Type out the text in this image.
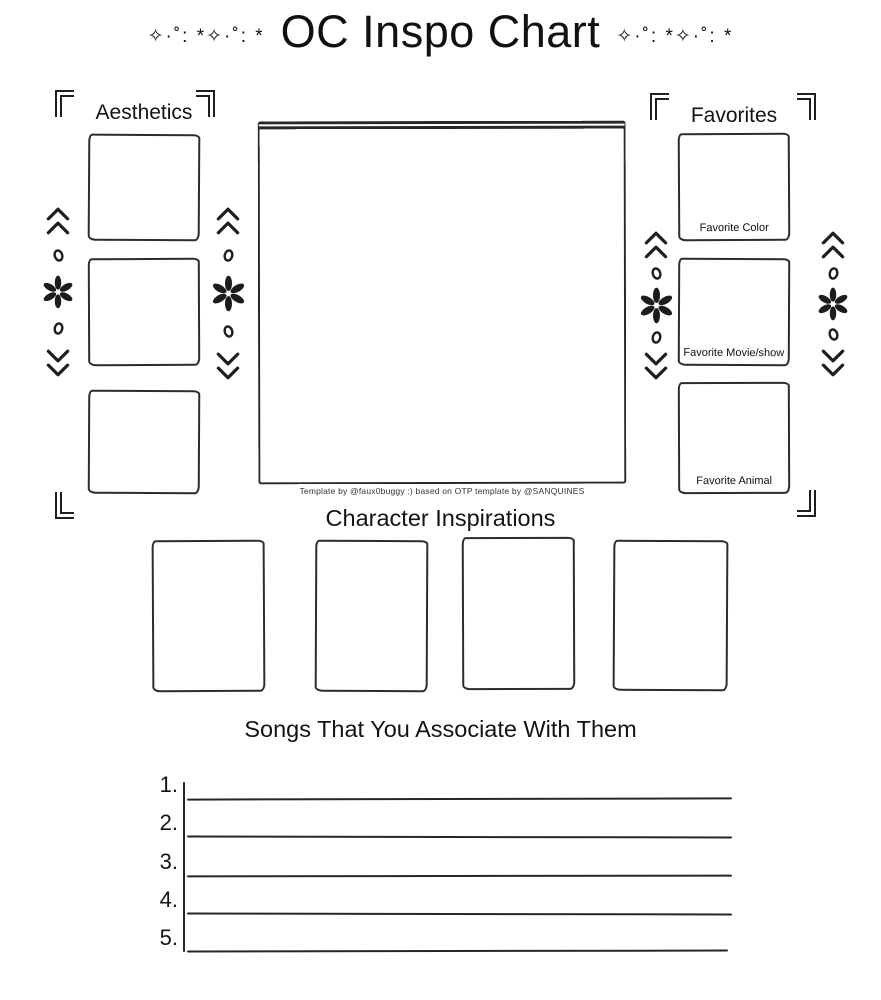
✧·˚: *✧·˚: * OC Inspo Chart ✧·˚: *✧·˚: *
Aesthetics
Template by @faux0buggy :) based on OTP template by @SANQUINES
Favorites
Favorite Color
Favorite Movie/show
Favorite Animal
Character Inspirations
Songs That You Associate With Them
1.
2.
3.
4.
5.
